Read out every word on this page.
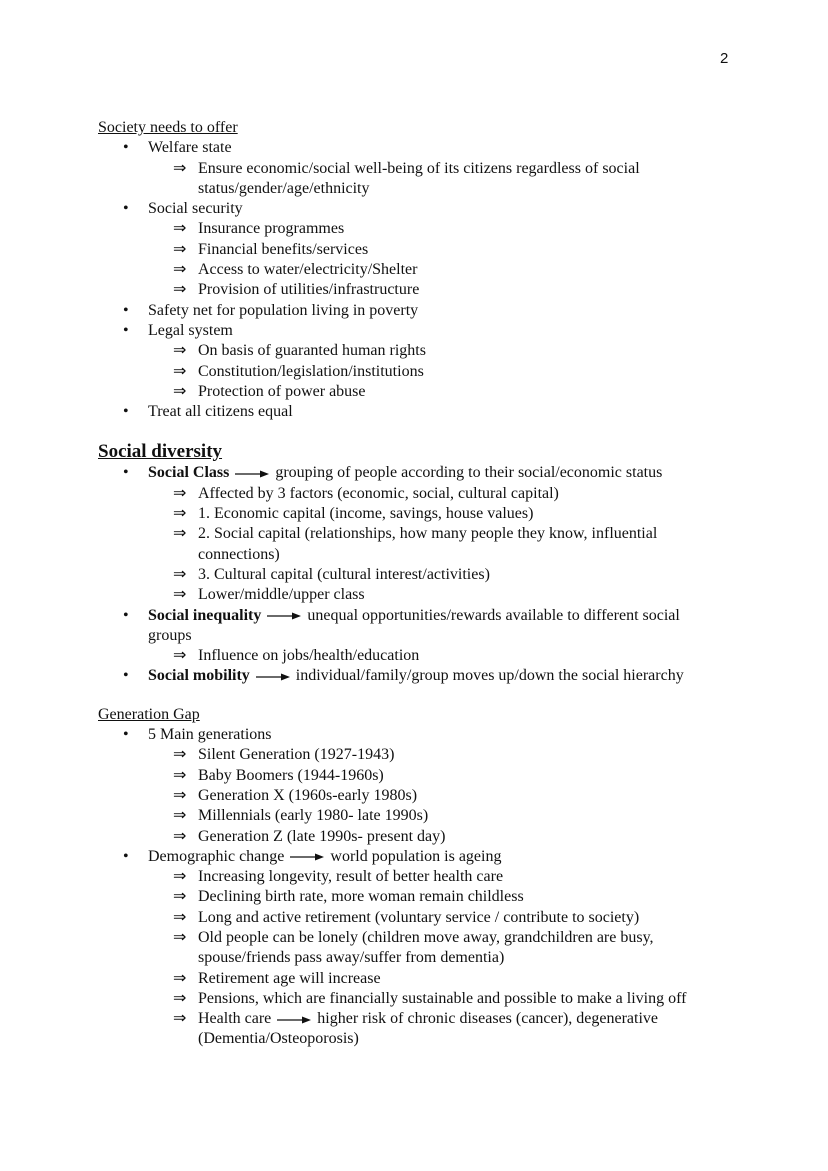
2
Society needs to offer
• Welfare state
⇒ Ensure economic/social well-being of its citizens regardless of social status/gender/age/ethnicity
• Social security
⇒ Insurance programmes
⇒ Financial benefits/services
⇒ Access to water/electricity/Shelter
⇒ Provision of utilities/infrastructure
• Safety net for population living in poverty
• Legal system
⇒ On basis of guaranted human rights
⇒ Constitution/legislation/institutions
⇒ Protection of power abuse
• Treat all citizens equal
Social diversity
• Social Class	grouping of people according to their social/economic status
⇒ Affected by 3 factors (economic, social, cultural capital)
⇒ 1. Economic capital (income, savings, house values)
⇒ 2. Social capital (relationships, how many people they know, influential connections)
⇒ 3. Cultural capital (cultural interest/activities)
⇒ Lower/middle/upper class
• Social inequality	unequal opportunities/rewards available to different social groups
⇒ Influence on jobs/health/education
• Social mobility	individual/family/group moves up/down the social hierarchy
Generation Gap
• 5 Main generations
⇒ Silent Generation (1927-1943)
⇒ Baby Boomers (1944-1960s)
⇒ Generation X (1960s-early 1980s)
⇒ Millennials (early 1980- late 1990s)
⇒ Generation Z (late 1990s- present day)
• Demographic change	world population is ageing
⇒ Increasing longevity, result of better health care
⇒ Declining birth rate, more woman remain childless
⇒ Long and active retirement (voluntary service / contribute to society)
⇒ Old people can be lonely (children move away, grandchildren are busy, spouse/friends pass away/suffer from dementia)
⇒ Retirement age will increase
⇒ Pensions, which are financially sustainable and possible to make a living off
⇒ Health care	higher risk of chronic diseases (cancer), degenerative (Dementia/Osteoporosis)
